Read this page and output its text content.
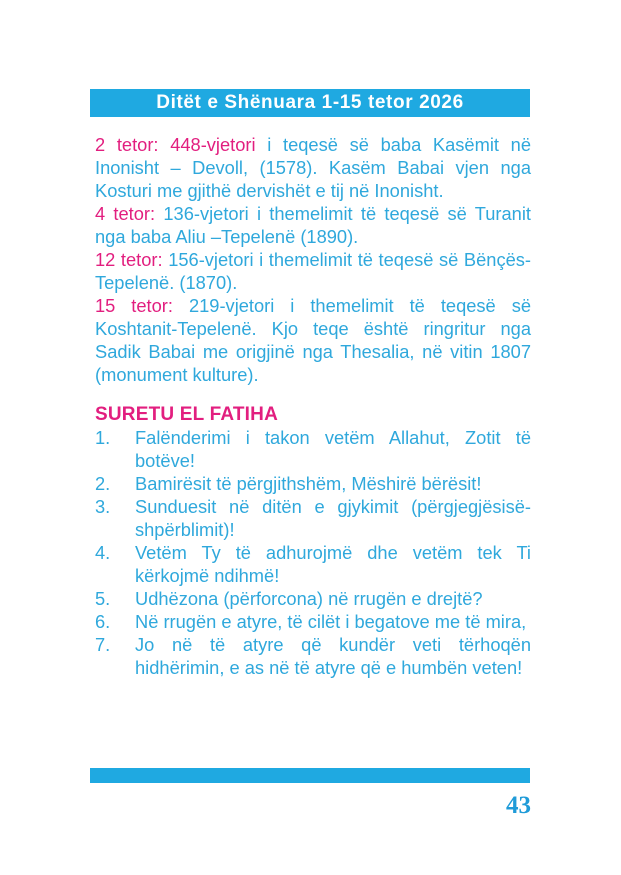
Ditët e Shënuara 1-15 tetor 2026

2 tetor: 448-vjetori i teqesë së baba Kasëmit në Inonisht – Devoll, (1578). Kasëm Babai vjen nga Kosturi me gjithë dervishët e tij në Inonisht.

4 tetor: 136-vjetori i themelimit të teqesë së Turanit nga baba Aliu –Tepelenë (1890).

12 tetor: 156-vjetori i themelimit të teqesë së Bënçës-Tepelenë. (1870).

15 tetor: 219-vjetori i themelimit të teqesë së Koshtanit-Tepelenë. Kjo teqe është ringritur nga Sadik Babai me origjinë nga Thesalia, në vitin 1807 (monument kulture).

SURETU EL FATIHA
1. Falënderimi i takon vetëm Allahut, Zotit të botëve!
2. Bamirësit të përgjithshëm, Mëshirë bërësit!
3. Sunduesit në ditën e gjykimit (përgjegjësisë-shpërblimit)!
4. Vetëm Ty të adhurojmë dhe vetëm tek Ti kërkojmë ndihmë!
5. Udhëzona (përforcona) në rrugën e drejtë?
6. Në rrugën e atyre, të cilët i begatove me të mira,
7. Jo në të atyre që kundër veti tërhoqën hidhërimin, e as në të atyre që e humbën veten!
43
